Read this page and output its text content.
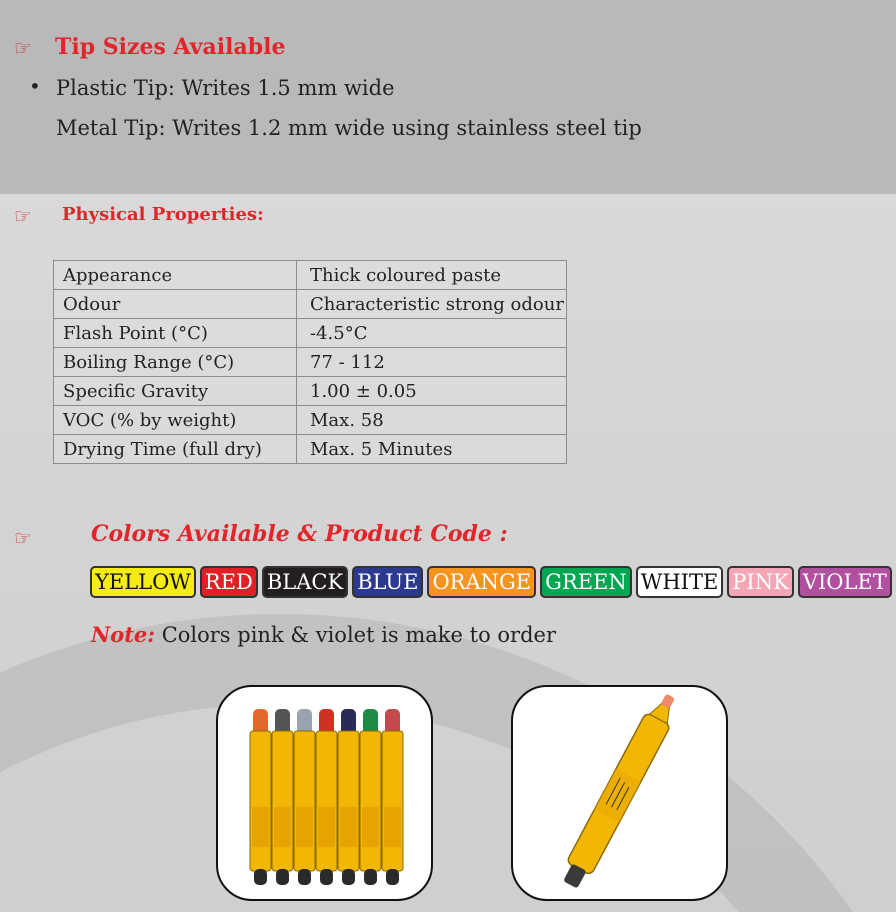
☞ Tip Sizes Available
• Plastic Tip: Writes 1.5 mm wide
Metal Tip: Writes 1.2 mm wide using stainless steel tip
☞ Physical Properties:
Appearance	Thick coloured paste
Odour	Characteristic strong odour
Flash Point (°C)	-4.5°C
Boiling Range (°C)	77 - 112
Specific Gravity	1.00 ± 0.05
VOC (% by weight)	Max. 58
Drying Time (full dry)	Max. 5 Minutes
☞	Colors Available & Product Code :
YELLOW RED BLACK BLUE ORANGE GREEN WHITE PINK VIOLET
Note: Colors pink & violet is make to order
